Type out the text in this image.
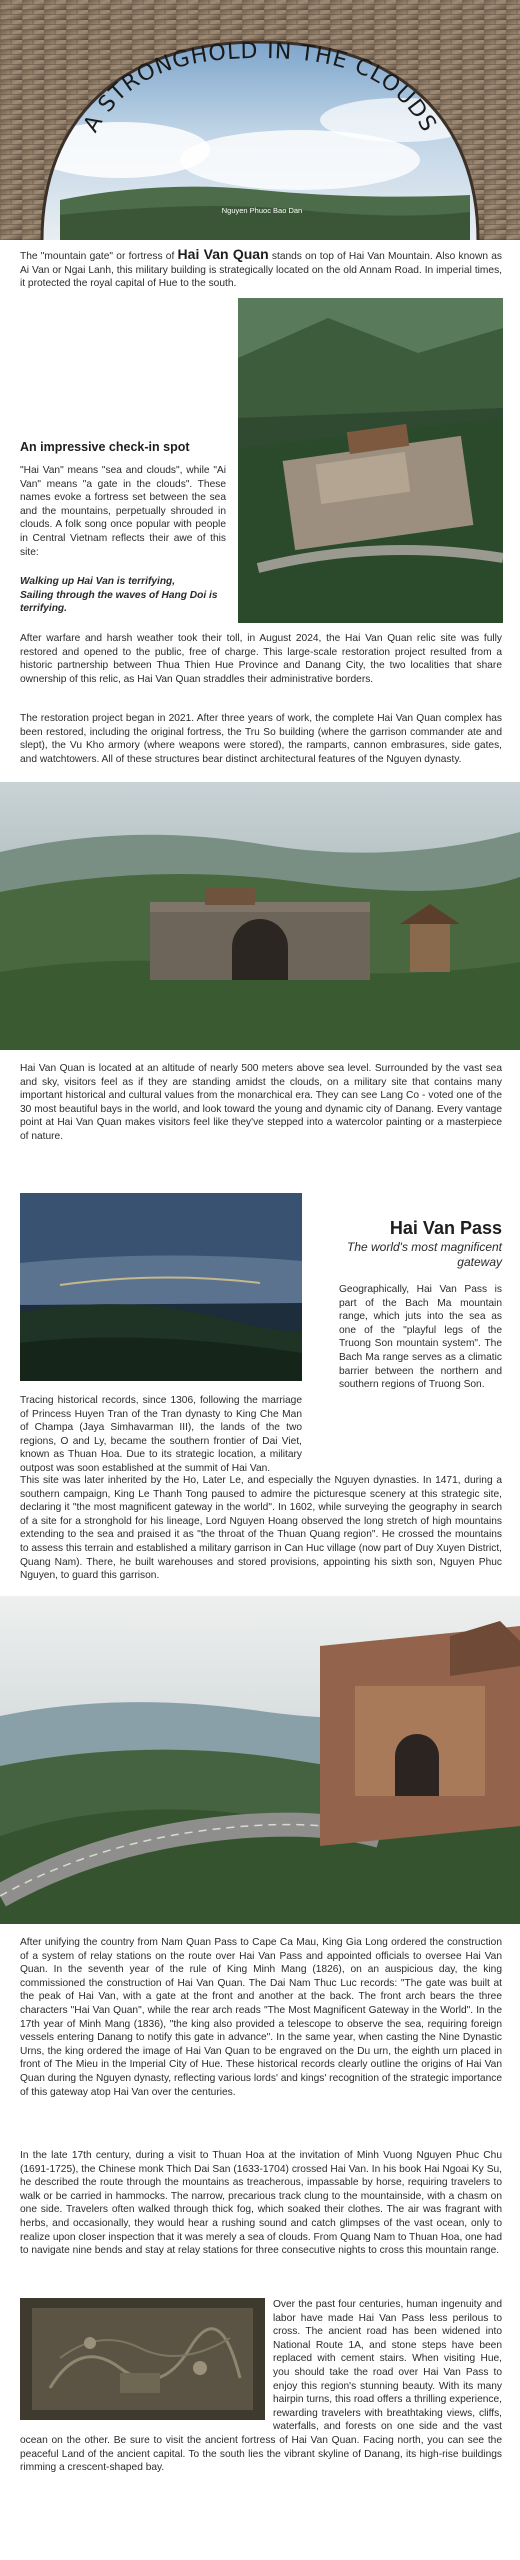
A STRONGHOLD IN THE CLOUDS
Nguyen Phuoc Bao Dan

The "mountain gate" or fortress of Hai Van Quan stands on top of Hai Van Mountain. Also known as Ai Van or Ngai Lanh, this military building is strategically located on the old Annam Road. In imperial times, it protected the royal capital of Hue to the south.

An impressive check-in spot

"Hai Van" means "sea and clouds", while "Ai Van" means "a gate in the clouds". These names evoke a fortress set between the sea and the mountains, perpetually shrouded in clouds. A folk song once popular with people in Central Vietnam reflects their awe of this site:

Walking up Hai Van is terrifying,
Sailing through the waves of Hang Doi is terrifying.

After warfare and harsh weather took their toll, in August 2024, the Hai Van Quan relic site was fully restored and opened to the public, free of charge. This large-scale restoration project resulted from a historic partnership between Thua Thien Hue Province and Danang City, the two localities that share ownership of this relic, as Hai Van Quan straddles their administrative borders.

The restoration project began in 2021. After three years of work, the complete Hai Van Quan complex has been restored, including the original fortress, the Tru So building (where the garrison commander ate and slept), the Vu Kho armory (where weapons were stored), the ramparts, cannon embrasures, side gates, and watchtowers. All of these structures bear distinct architectural features of the Nguyen dynasty.

Hai Van Quan is located at an altitude of nearly 500 meters above sea level. Surrounded by the vast sea and sky, visitors feel as if they are standing amidst the clouds, on a military site that contains many important historical and cultural values from the monarchical era. They can see Lang Co - voted one of the 30 most beautiful bays in the world, and look toward the young and dynamic city of Danang. Every vantage point at Hai Van Quan makes visitors feel like they've stepped into a watercolor painting or a masterpiece of nature.

Hai Van Pass

The world's most magnificent gateway

Geographically, Hai Van Pass is part of the Bach Ma mountain range, which juts into the sea as one of the "playful legs of the Truong Son mountain system". The Bach Ma range serves as a climatic barrier between the northern and southern regions of Truong Son.

Tracing historical records, since 1306, following the marriage of Princess Huyen Tran of the Tran dynasty to King Che Man of Champa (Jaya Simhavarman III), the lands of the two regions, O and Ly, became the southern frontier of Dai Viet, known as Thuan Hoa. Due to its strategic location, a military outpost was soon established at the summit of Hai Van.

This site was later inherited by the Ho, Later Le, and especially the Nguyen dynasties. In 1471, during a southern campaign, King Le Thanh Tong paused to admire the picturesque scenery at this strategic site, declaring it "the most magnificent gateway in the world". In 1602, while surveying the geography in search of a site for a stronghold for his lineage, Lord Nguyen Hoang observed the long stretch of high mountains extending to the sea and praised it as "the throat of the Thuan Quang region". He crossed the mountains to assess this terrain and established a military garrison in Can Huc village (now part of Duy Xuyen District, Quang Nam). There, he built warehouses and stored provisions, appointing his sixth son, Nguyen Phuc Nguyen, to guard this garrison.

After unifying the country from Nam Quan Pass to Cape Ca Mau, King Gia Long ordered the construction of a system of relay stations on the route over Hai Van Pass and appointed officials to oversee Hai Van Quan. In the seventh year of the rule of King Minh Mang (1826), on an auspicious day, the king commissioned the construction of Hai Van Quan. The Dai Nam Thuc Luc records: "The gate was built at the peak of Hai Van, with a gate at the front and another at the back. The front arch bears the three characters "Hai Van Quan", while the rear arch reads "The Most Magnificent Gateway in the World". In the 17th year of Minh Mang (1836), "the king also provided a telescope to observe the sea, requiring foreign vessels entering Danang to notify this gate in advance". In the same year, when casting the Nine Dynastic Urns, the king ordered the image of Hai Van Quan to be engraved on the Du urn, the eighth urn placed in front of The Mieu in the Imperial City of Hue. These historical records clearly outline the origins of Hai Van Quan during the Nguyen dynasty, reflecting various lords' and kings' recognition of the strategic importance of this gateway atop Hai Van over the centuries.

In the late 17th century, during a visit to Thuan Hoa at the invitation of Minh Vuong Nguyen Phuc Chu (1691-1725), the Chinese monk Thich Dai San (1633-1704) crossed Hai Van. In his book Hai Ngoai Ky Su, he described the route through the mountains as treacherous, impassable by horse, requiring travelers to walk or be carried in hammocks. The narrow, precarious track clung to the mountainside, with a chasm on one side. Travelers often walked through thick fog, which soaked their clothes. The air was fragrant with herbs, and occasionally, they would hear a rushing sound and catch glimpses of the vast ocean, only to realize upon closer inspection that it was merely a sea of clouds. From Quang Nam to Thuan Hoa, one had to navigate nine bends and stay at relay stations for three consecutive nights to cross this mountain range.

Over the past four centuries, human ingenuity and labor have made Hai Van Pass less perilous to cross. The ancient road has been widened into National Route 1A, and stone steps have been replaced with cement stairs. When visiting Hue, you should take the road over Hai Van Pass to enjoy this region's stunning beauty. With its many hairpin turns, this road offers a thrilling experience, rewarding travelers with breathtaking views, cliffs, waterfalls, and forests on one side and the vast ocean on the other. Be sure to visit the ancient fortress of Hai Van Quan. Facing north, you can see the peaceful Land of the ancient capital. To the south lies the vibrant skyline of Danang, its high-rise buildings rimming a crescent-shaped bay.
